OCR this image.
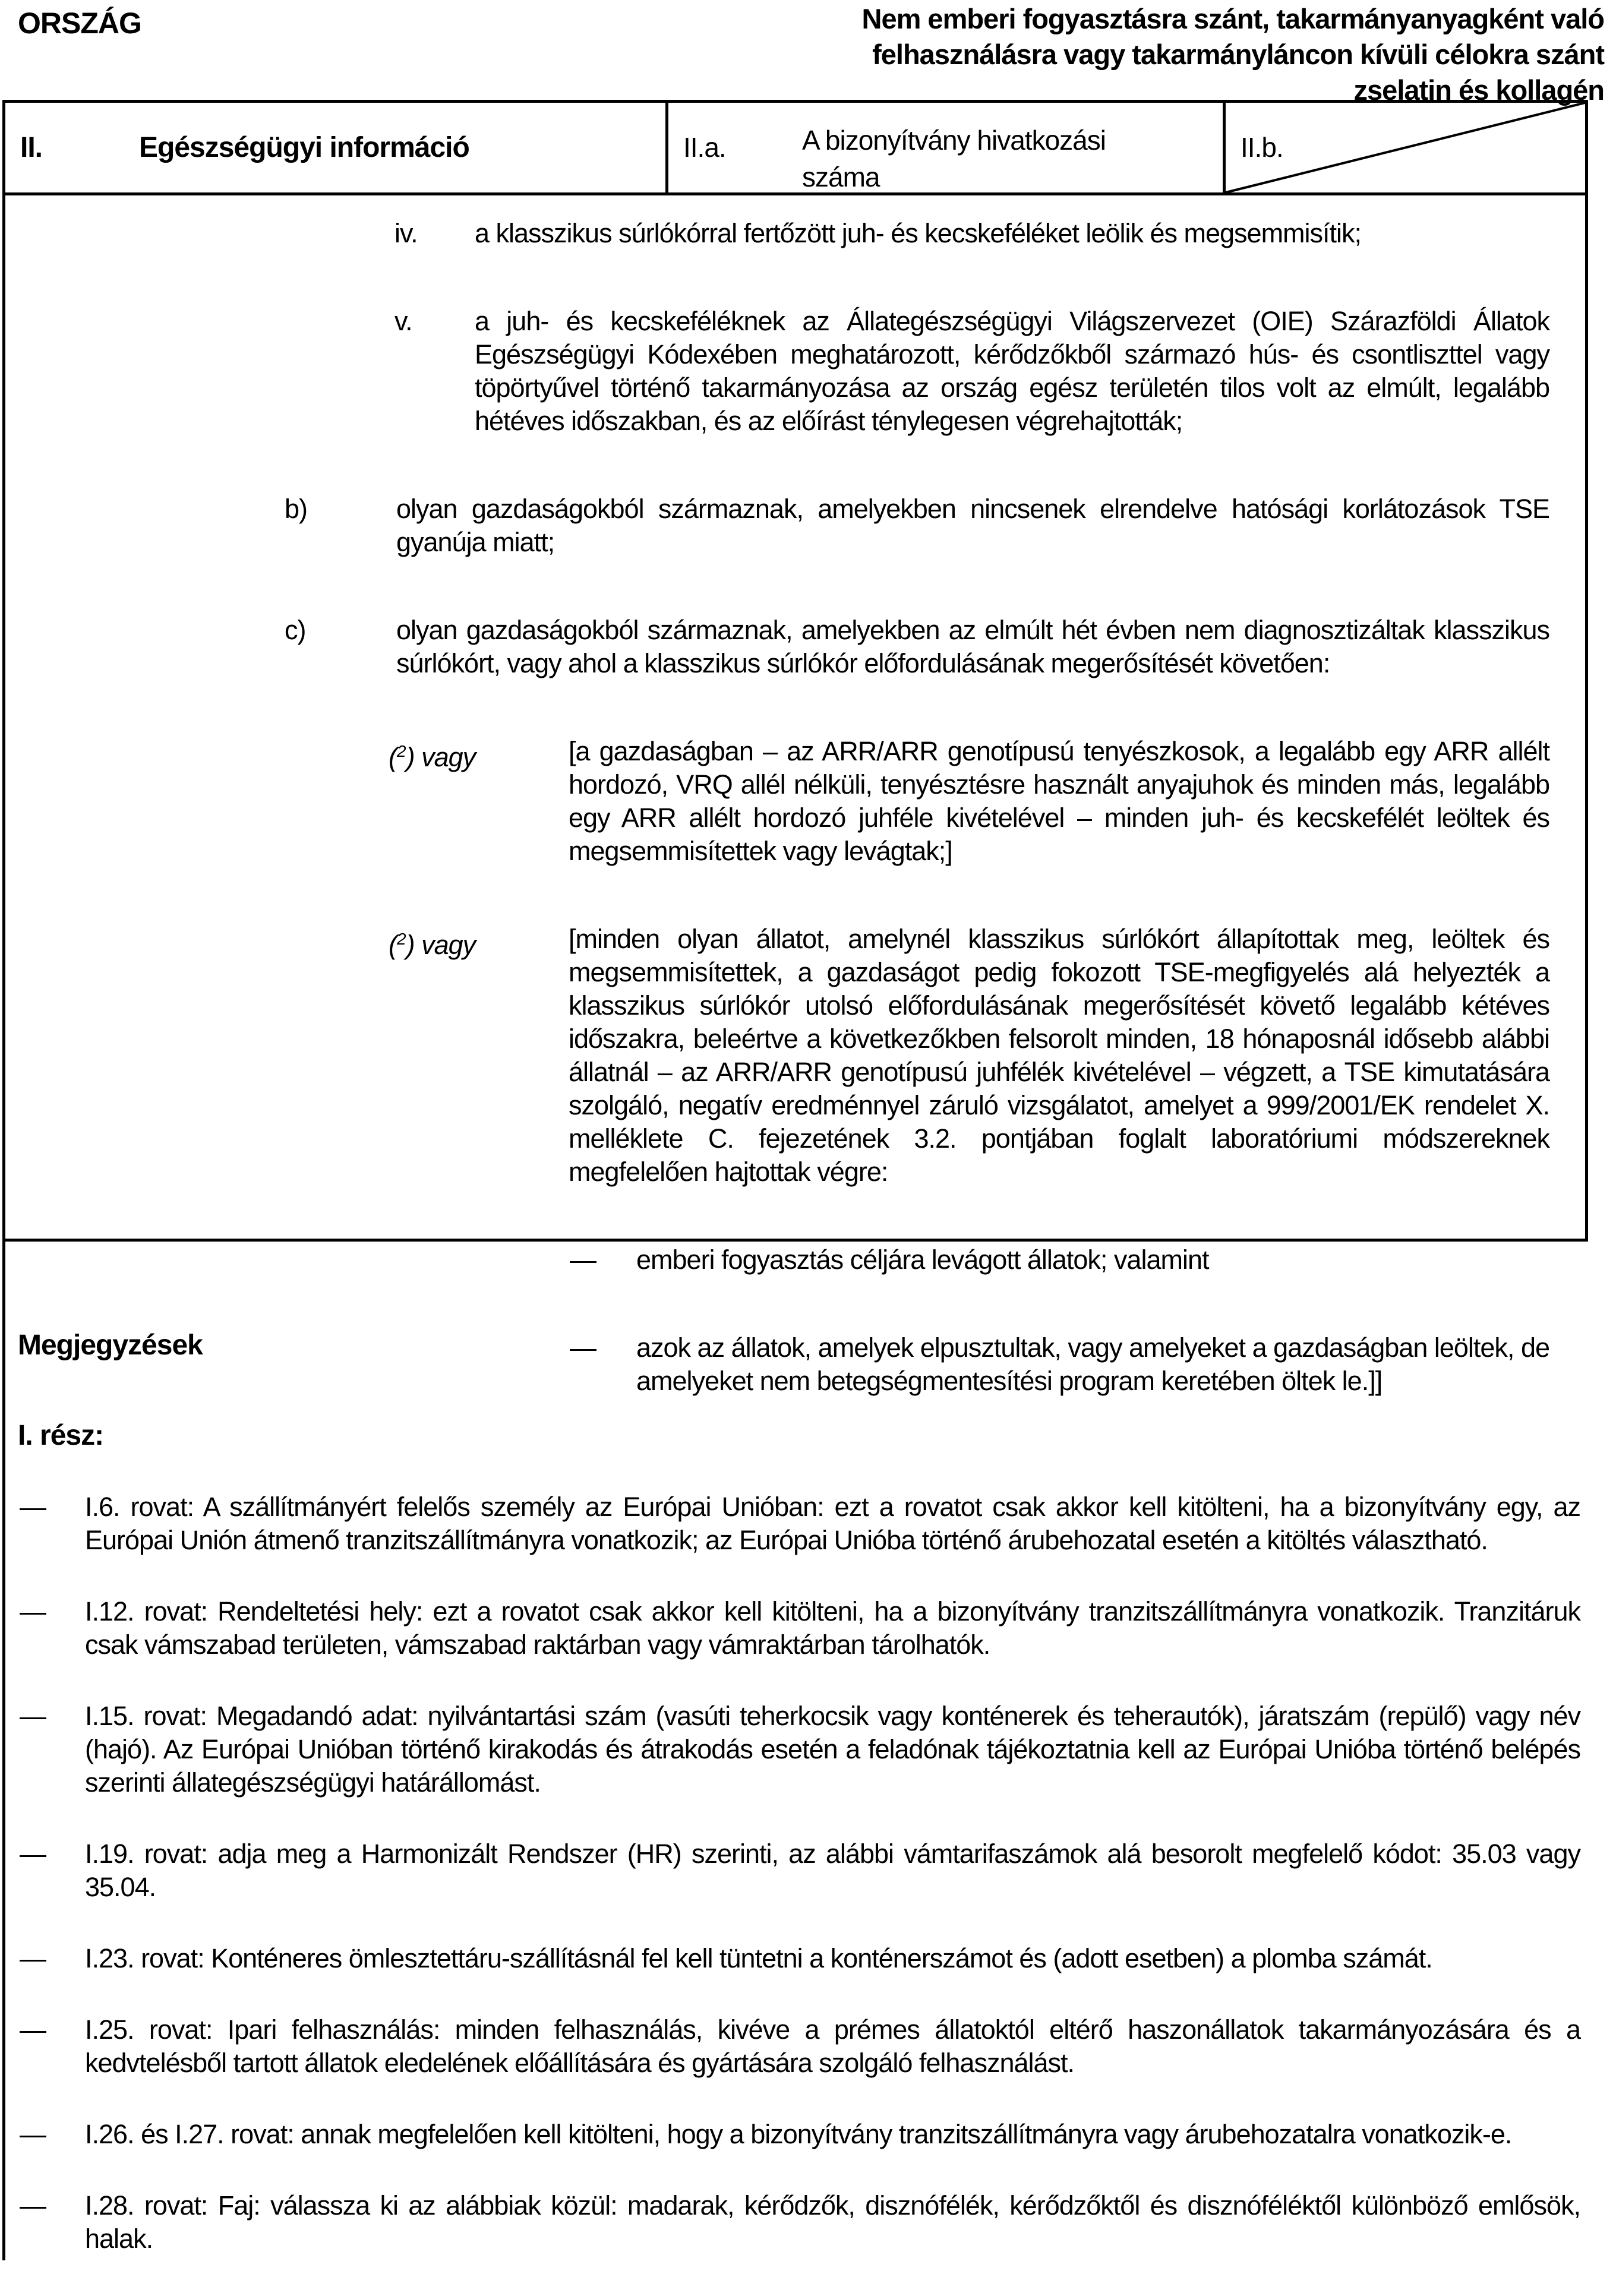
ORSZÁG	Nem emberi fogyasztásra szánt, takarmányanyagként való
felhasználásra vagy takarmányláncon kívüli célokra szánt
zselatin és kollagén
II.	Egészségügyi információ	II.a.	A bizonyítvány hivatkozási száma
II.b.
iv. a klasszikus súrlókórral fertőzött juh- és kecskeféléket leölik és megsemmisítik;
v. a juh- és kecskeféléknek az Állategészségügyi Világszervezet (OIE) Szárazföldi Állatok Egészségügyi Kódexében meghatározott, kérődzőkből származó hús- és csontliszttel vagy töpörtyűvel történő takarmányozása az ország egész területén tilos volt az elmúlt, legalább hétéves időszakban, és az előírást ténylegesen végrehajtották;
b)	olyan gazdaságokból származnak, amelyekben nincsenek elrendelve hatósági korlátozások TSE gyanúja miatt;
c)	olyan gazdaságokból származnak, amelyekben az elmúlt hét évben nem diagnosztizáltak klasszikus súrlókórt, vagy ahol a klasszikus súrlókór előfordulásának megerősítését követően:
($^2$) vagy	[a gazdaságban – az ARR/ARR genotípusú tenyészkosok, a legalább egy ARR allélt hordozó, VRQ allél nélküli, tenyésztésre használt anyajuhok és minden más, legalább egy ARR allélt hordozó juhféle kivételével – minden juh- és kecskefélét leöltek és megsemmisítettek vagy levágtak;]
($^2$) vagy	[minden olyan állatot, amelynél klasszikus súrlókórt állapítottak meg, leöltek és megsemmisítettek, a gazdaságot pedig fokozott TSE-megfigyelés alá helyezték a klasszikus súrlókór utolsó előfordulásának megerősítését követő legalább kétéves időszakra, beleértve a következőkben felsorolt minden, 18 hónaposnál idősebb alábbi állatnál – az ARR/ARR genotípusú juhfélék kivételével – végzett, a TSE kimutatására szolgáló, negatív eredménnyel záruló vizsgálatot, amelyet a 999/2001/EK rendelet X. melléklete C. fejezetének 3.2. pontjában foglalt laboratóriumi módszereknek megfelelően hajtottak végre:
— emberi fogyasztás céljára levágott állatok; valamint
— azok az állatok, amelyek elpusztultak, vagy amelyeket a gazdaságban leöltek, de amelyeket nem betegségmentesítési program keretében öltek le.]]
Megjegyzések
I. rész:
— I.6. rovat: A szállítmányért felelős személy az Európai Unióban: ezt a rovatot csak akkor kell kitölteni, ha a bizonyítvány egy, az Európai Unión átmenő tranzitszállítmányra vonatkozik; az Európai Unióba történő árubehozatal esetén a kitöltés választható.
— I.12. rovat: Rendeltetési hely: ezt a rovatot csak akkor kell kitölteni, ha a bizonyítvány tranzitszállítmányra vonatkozik. Tranzitáruk csak vámszabad területen, vámszabad raktárban vagy vámraktárban tárolhatók.
— I.15. rovat: Megadandó adat: nyilvántartási szám (vasúti teherkocsik vagy konténerek és teherautók), járatszám (repülő) vagy név (hajó). Az Európai Unióban történő kirakodás és átrakodás esetén a feladónak tájékoztatnia kell az Európai Unióba történő belépés szerinti állategészségügyi határállomást.
— I.19. rovat: adja meg a Harmonizált Rendszer (HR) szerinti, az alábbi vámtarifaszámok alá besorolt megfelelő kódot: 35.03 vagy 35.04.
— I.23. rovat: Konténeres ömlesztettáru-szállításnál fel kell tüntetni a konténerszámot és (adott esetben) a plomba számát.
— I.25. rovat: Ipari felhasználás: minden felhasználás, kivéve a prémes állatoktól eltérő haszonállatok takarmányozására és a kedvtelésből tartott állatok eledelének előállítására és gyártására szolgáló felhasználást.
— I.26. és I.27. rovat: annak megfelelően kell kitölteni, hogy a bizonyítvány tranzitszállítmányra vagy árubehozatalra vonatkozik-e.
— I.28. rovat: Faj: válassza ki az alábbiak közül: madarak, kérődzők, disznófélék, kérődzőktől és disznóféléktől különböző emlősök, halak.
